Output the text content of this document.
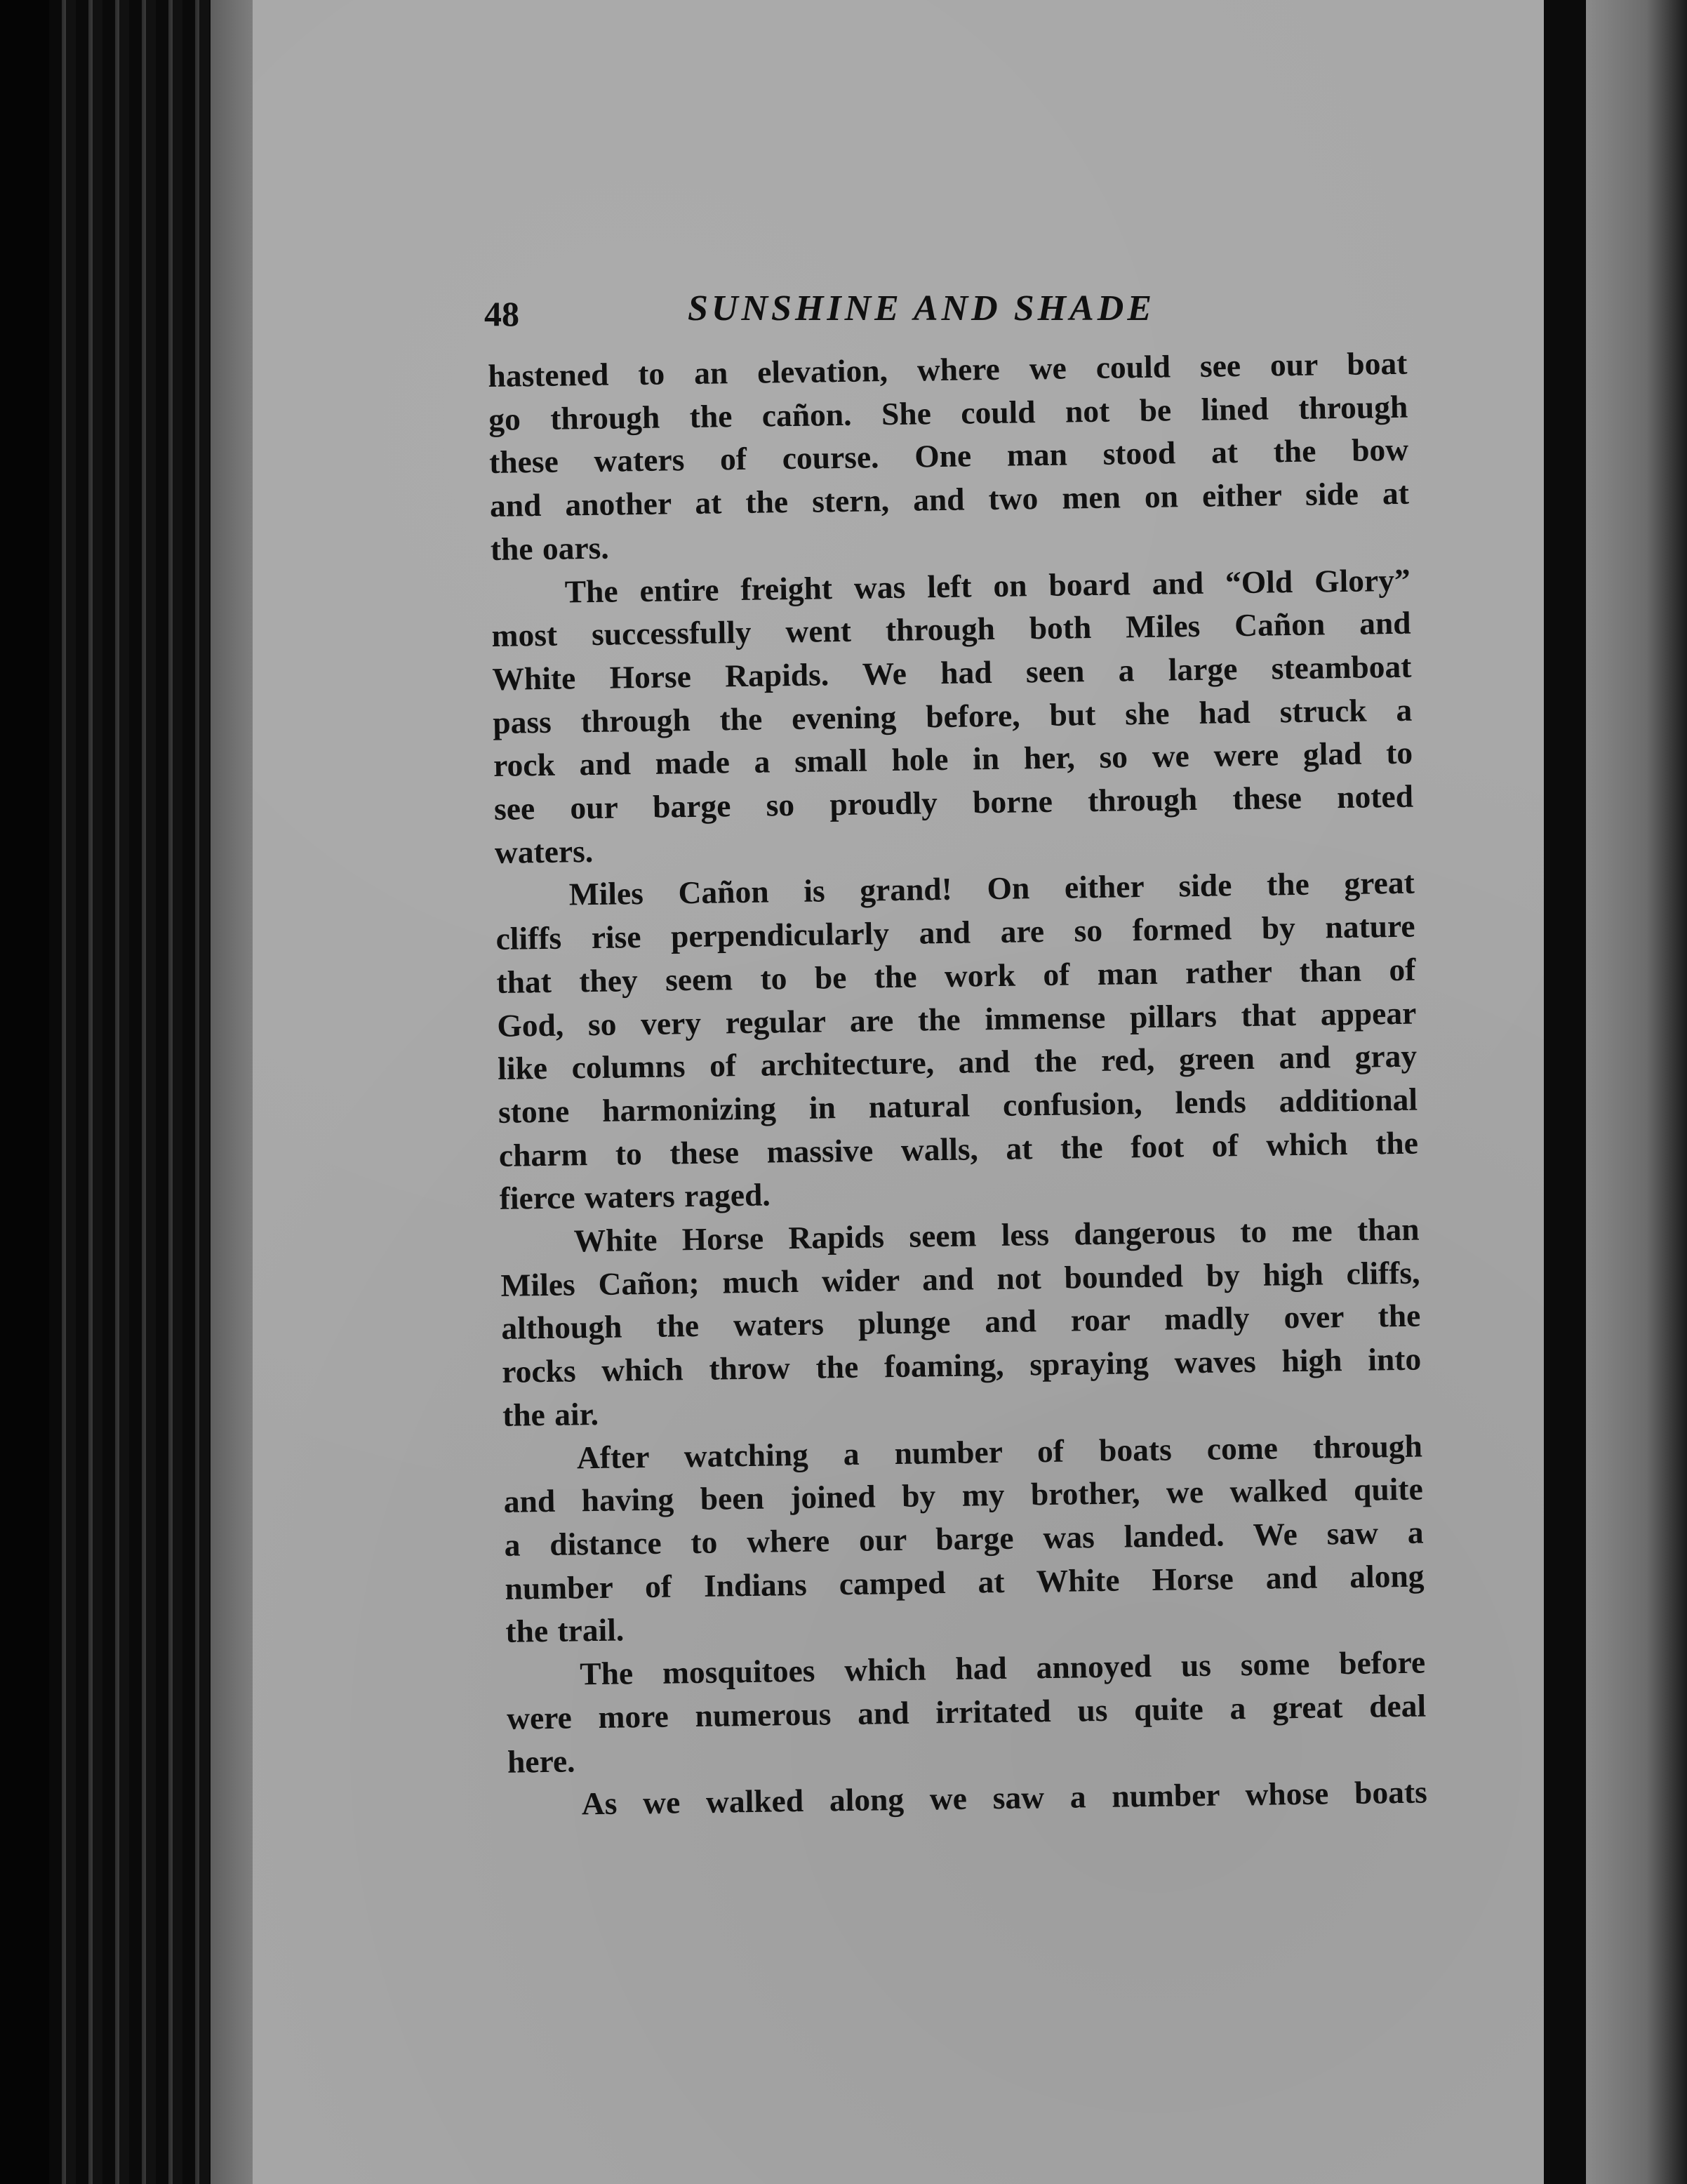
48	SUNSHINE AND SHADE

hastened to an elevation, where we could see our boat
go through the cañon. She could not be lined through
these waters of course. One man stood at the bow
and another at the stern, and two men on either side at
the oars.

The entire freight was left on board and “Old Glory”
most successfully went through both Miles Cañon and
White Horse Rapids. We had seen a large steamboat
pass through the evening before, but she had struck a
rock and made a small hole in her, so we were glad to
see our barge so proudly borne through these noted
waters.

Miles Cañon is grand! On either side the great
cliffs rise perpendicularly and are so formed by nature
that they seem to be the work of man rather than of
God, so very regular are the immense pillars that appear
like columns of architecture, and the red, green and gray
stone harmonizing in natural confusion, lends additional
charm to these massive walls, at the foot of which the
fierce waters raged.

White Horse Rapids seem less dangerous to me than
Miles Cañon; much wider and not bounded by high cliffs,
although the waters plunge and roar madly over the
rocks which throw the foaming, spraying waves high into
the air.

After watching a number of boats come through
and having been joined by my brother, we walked quite
a distance to where our barge was landed. We saw a
number of Indians camped at White Horse and along
the trail.

The mosquitoes which had annoyed us some before
were more numerous and irritated us quite a great deal
here.

As we walked along we saw a number whose boats
